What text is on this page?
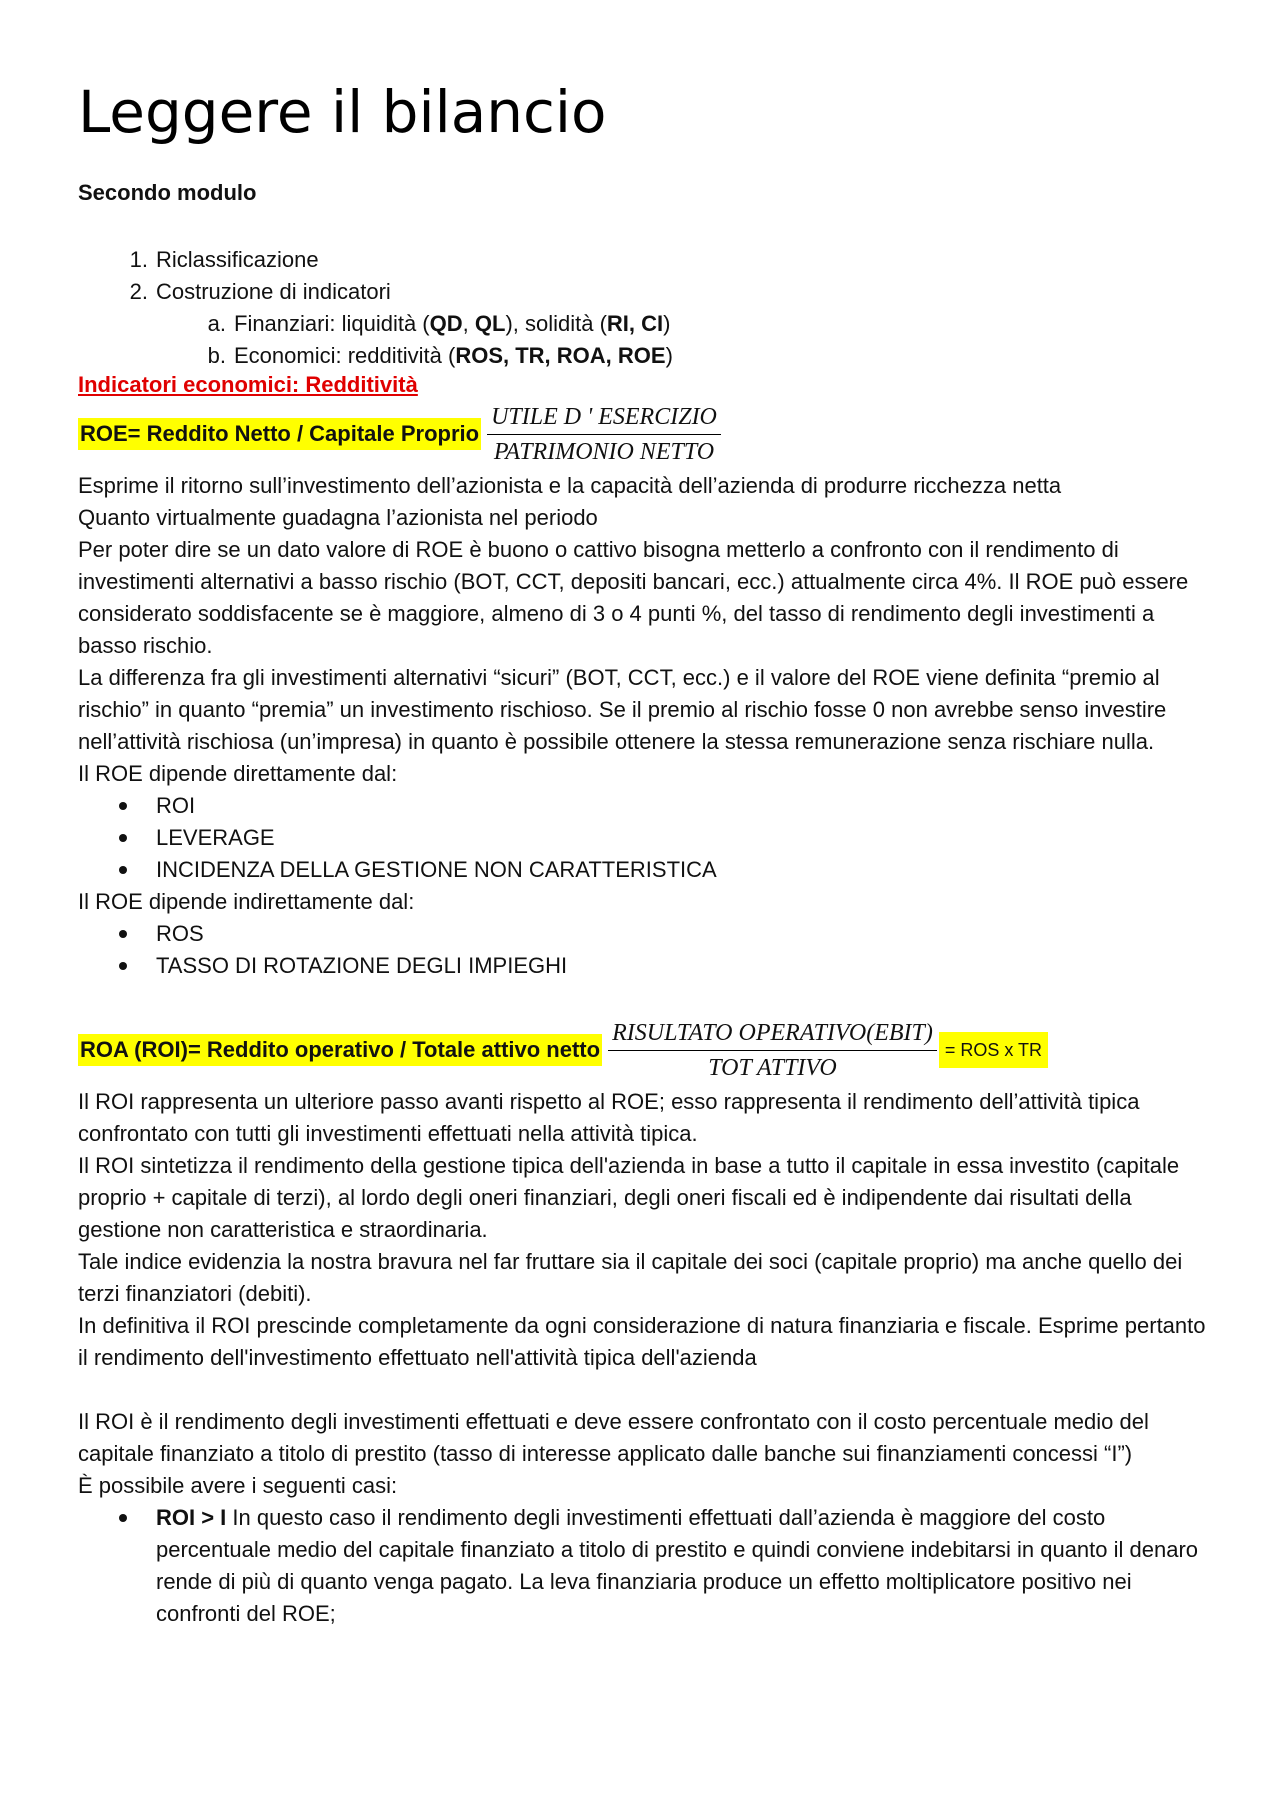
Leggere il bilancio
Secondo modulo
1. Riclassificazione
2. Costruzione di indicatori
a. Finanziari: liquidità (QD, QL), solidità (RI, CI)
b. Economici: redditività (ROS, TR, ROA, ROE)
Indicatori economici: Redditività
ROE= Reddito Netto / Capitale Proprio $\frac{\text{UTILE D ' ESERCIZIO}}{\text{PATRIMONIO NETTO}}$

Esprime il ritorno sull’investimento dell’azionista e la capacità dell’azienda di produrre ricchezza netta

Quanto virtualmente guadagna l’azionista nel periodo

Per poter dire se un dato valore di ROE è buono o cattivo bisogna metterlo a confronto con il rendimento di investimenti alternativi a basso rischio (BOT, CCT, depositi bancari, ecc.) attualmente circa 4%. Il ROE può essere considerato soddisfacente se è maggiore, almeno di 3 o 4 punti %, del tasso di rendimento degli investimenti a basso rischio.

La differenza fra gli investimenti alternativi “sicuri” (BOT, CCT, ecc.) e il valore del ROE viene definita “premio al rischio” in quanto “premia” un investimento rischioso. Se il premio al rischio fosse 0 non avrebbe senso investire nell’attività rischiosa (un’impresa) in quanto è possibile ottenere la stessa remunerazione senza rischiare nulla.

Il ROE dipende direttamente dal:

ROI
LEVERAGE
INCIDENZA DELLA GESTIONE NON CARATTERISTICA

Il ROE dipende indirettamente dal:

ROS
TASSO DI ROTAZIONE DEGLI IMPIEGHI
ROA (ROI)= Reddito operativo / Totale attivo netto $\frac{\text{RISULTATO OPERATIVO(EBIT)}}{\text{TOT ATTIVO}}$ = ROS x TR

Il ROI rappresenta un ulteriore passo avanti rispetto al ROE; esso rappresenta il rendimento dell’attività tipica confrontato con tutti gli investimenti effettuati nella attività tipica.

Il ROI sintetizza il rendimento della gestione tipica dell'azienda in base a tutto il capitale in essa investito (capitale proprio + capitale di terzi), al lordo degli oneri finanziari, degli oneri fiscali ed è indipendente dai risultati della gestione non caratteristica e straordinaria.

Tale indice evidenzia la nostra bravura nel far fruttare sia il capitale dei soci (capitale proprio) ma anche quello dei terzi finanziatori (debiti).

In definitiva il ROI prescinde completamente da ogni considerazione di natura finanziaria e fiscale. Esprime pertanto il rendimento dell'investimento effettuato nell'attività tipica dell'azienda

Il ROI è il rendimento degli investimenti effettuati e deve essere confrontato con il costo percentuale medio del capitale finanziato a titolo di prestito (tasso di interesse applicato dalle banche sui finanziamenti concessi “I”)

È possibile avere i seguenti casi:

ROI > I In questo caso il rendimento degli investimenti effettuati dall’azienda è maggiore del costo percentuale medio del capitale finanziato a titolo di prestito e quindi conviene indebitarsi in quanto il denaro rende di più di quanto venga pagato. La leva finanziaria produce un effetto moltiplicatore positivo nei confronti del ROE;
